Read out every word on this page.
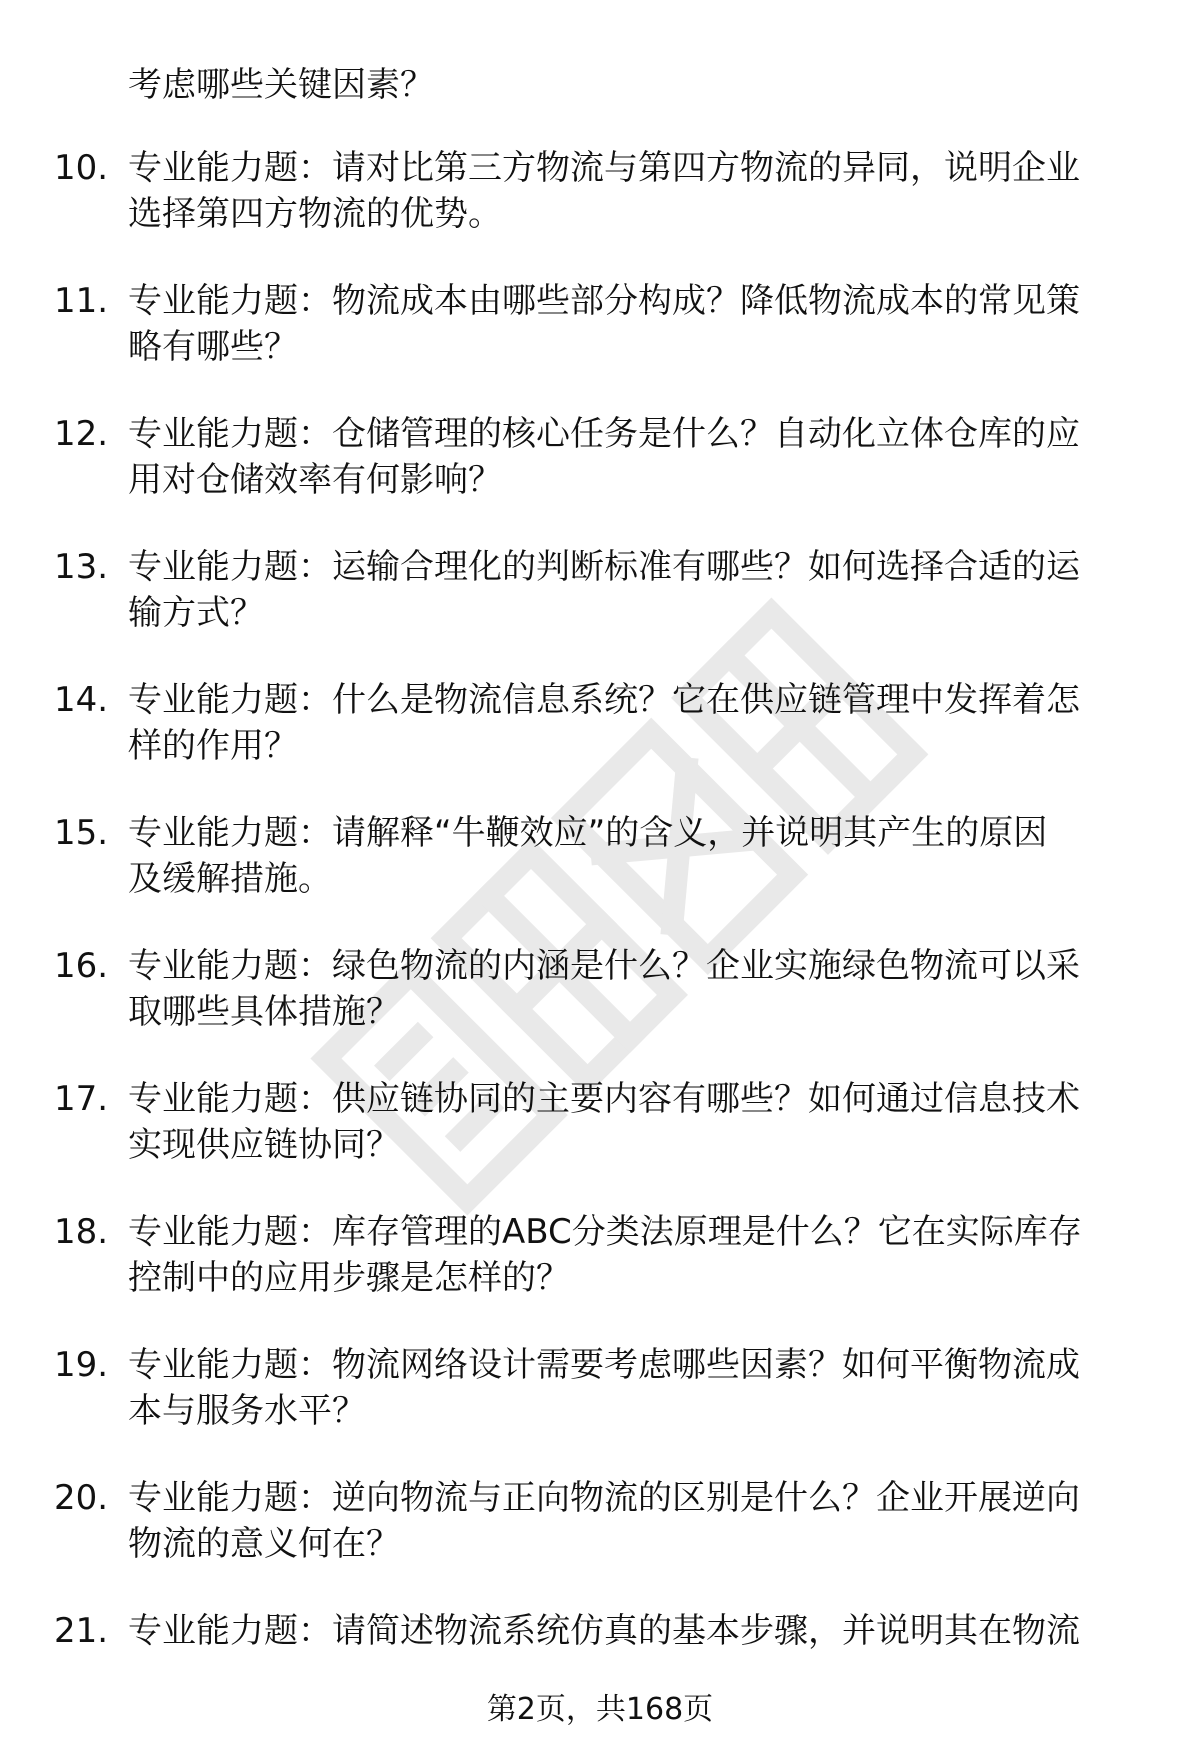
考虑哪些关键因素？
10. 专业能力题：请对比第三方物流与第四方物流的异同，说明企业
选择第四方物流的优势。
11. 专业能力题：物流成本由哪些部分构成？降低物流成本的常见策
略有哪些？
12. 专业能力题：仓储管理的核心任务是什么？自动化立体仓库的应
用对仓储效率有何影响？
13. 专业能力题：运输合理化的判断标准有哪些？如何选择合适的运
输方式？
14. 专业能力题：什么是物流信息系统？它在供应链管理中发挥着怎
样的作用？
15. 专业能力题：请解释“牛鞭效应”的含义，并说明其产生的原因
及缓解措施。
16. 专业能力题：绿色物流的内涵是什么？企业实施绿色物流可以采
取哪些具体措施？
17. 专业能力题：供应链协同的主要内容有哪些？如何通过信息技术
实现供应链协同？
18. 专业能力题：库存管理的ABC分类法原理是什么？它在实际库存
控制中的应用步骤是怎样的？
19. 专业能力题：物流网络设计需要考虑哪些因素？如何平衡物流成
本与服务水平？
20. 专业能力题：逆向物流与正向物流的区别是什么？企业开展逆向
物流的意义何在？
21. 专业能力题：请简述物流系统仿真的基本步骤，并说明其在物流
第2页，共168页
